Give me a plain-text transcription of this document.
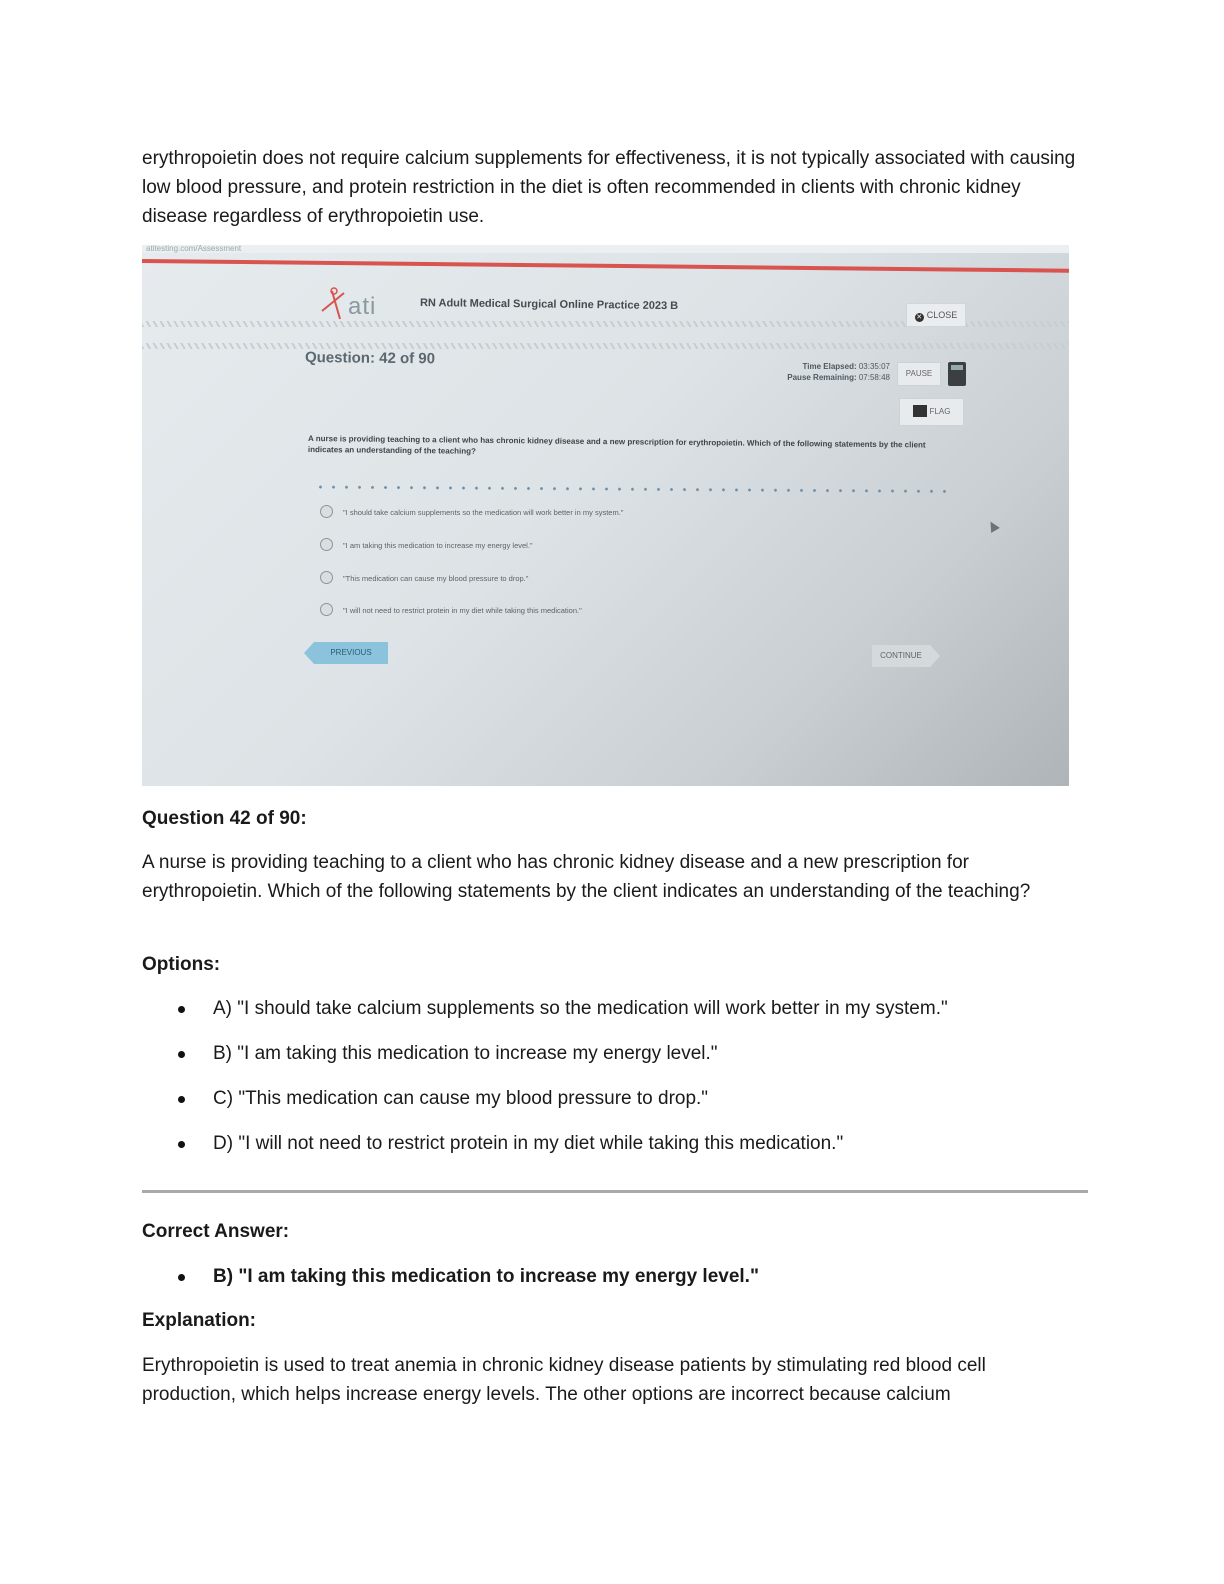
erythropoietin does not require calcium supplements for effectiveness, it is not typically associated with causing low blood pressure, and protein restriction in the diet is often recommended in clients with chronic kidney disease regardless of erythropoietin use.

atitesting.com/Assessment
ati	RN Adult Medical Surgical Online Practice 2023 B
✕ CLOSE
Question: 42 of 90	Time Elapsed: 03:35:07
Pause Remaining: 07:58:48	PAUSE
FLAG
A nurse is providing teaching to a client who has chronic kidney disease and a new prescription for erythropoietin. Which of the following statements by the client indicates an understanding of the teaching?
"I should take calcium supplements so the medication will work better in my system."
"I am taking this medication to increase my energy level."
"This medication can cause my blood pressure to drop."
"I will not need to restrict protein in my diet while taking this medication."
PREVIOUS	CONTINUE

Question 42 of 90:

A nurse is providing teaching to a client who has chronic kidney disease and a new prescription for erythropoietin. Which of the following statements by the client indicates an understanding of the teaching?

Options:

A) "I should take calcium supplements so the medication will work better in my system."
B) "I am taking this medication to increase my energy level."
C) "This medication can cause my blood pressure to drop."
D) "I will not need to restrict protein in my diet while taking this medication."

Correct Answer:

B) "I am taking this medication to increase my energy level."

Explanation:

Erythropoietin is used to treat anemia in chronic kidney disease patients by stimulating red blood cell production, which helps increase energy levels. The other options are incorrect because calcium
